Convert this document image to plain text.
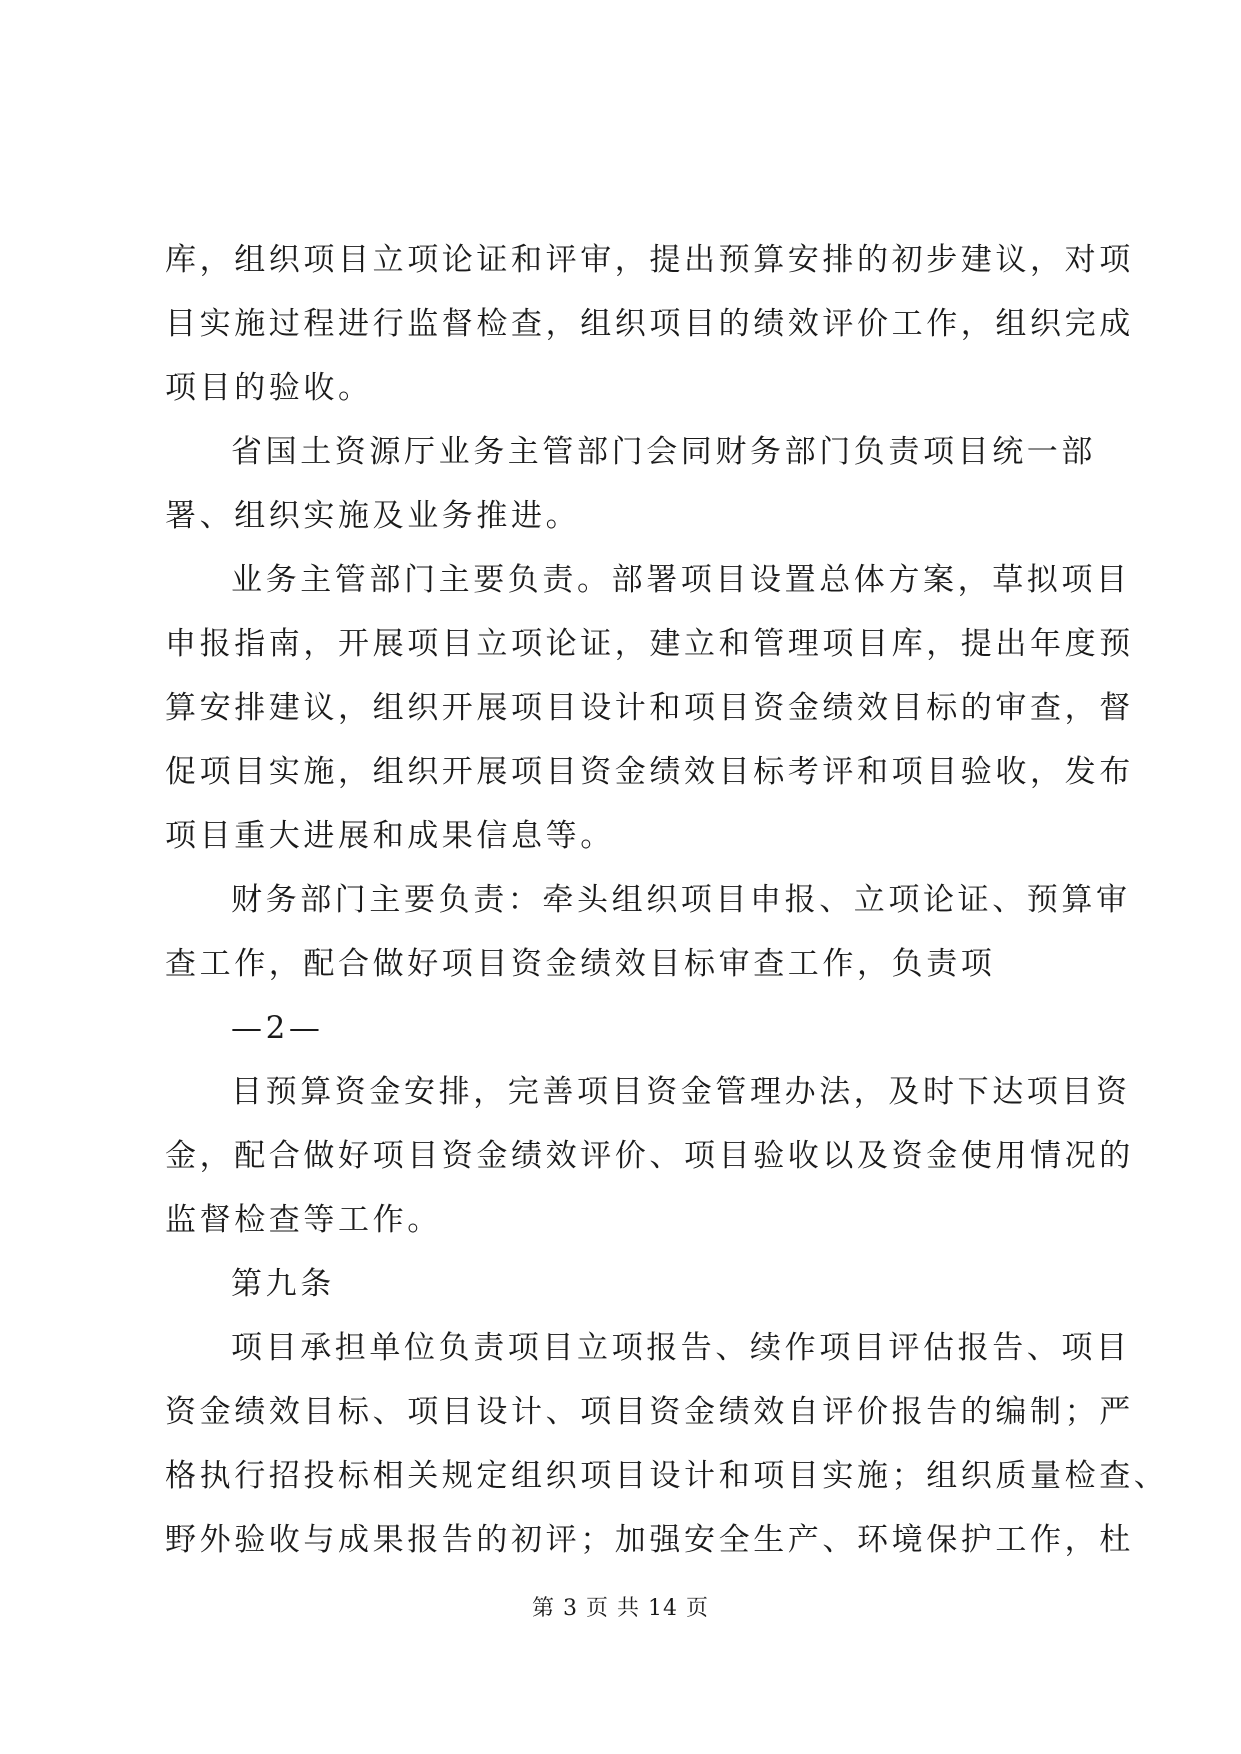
库，组织项目立项论证和评审，提出预算安排的初步建议，对项
目实施过程进行监督检查，组织项目的绩效评价工作，组织完成
项目的验收。
省国土资源厅业务主管部门会同财务部门负责项目统一部
署、组织实施及业务推进。
业务主管部门主要负责。部署项目设置总体方案，草拟项目
申报指南，开展项目立项论证，建立和管理项目库，提出年度预
算安排建议，组织开展项目设计和项目资金绩效目标的审查，督
促项目实施，组织开展项目资金绩效目标考评和项目验收，发布
项目重大进展和成果信息等。
财务部门主要负责：牵头组织项目申报、立项论证、预算审
查工作，配合做好项目资金绩效目标审查工作，负责项
—2—
目预算资金安排，完善项目资金管理办法，及时下达项目资
金，配合做好项目资金绩效评价、项目验收以及资金使用情况的
监督检查等工作。
第九条
项目承担单位负责项目立项报告、续作项目评估报告、项目
资金绩效目标、项目设计、项目资金绩效自评价报告的编制；严
格执行招投标相关规定组织项目设计和项目实施；组织质量检查、
野外验收与成果报告的初评；加强安全生产、环境保护工作，杜
第 3 页 共 14 页
